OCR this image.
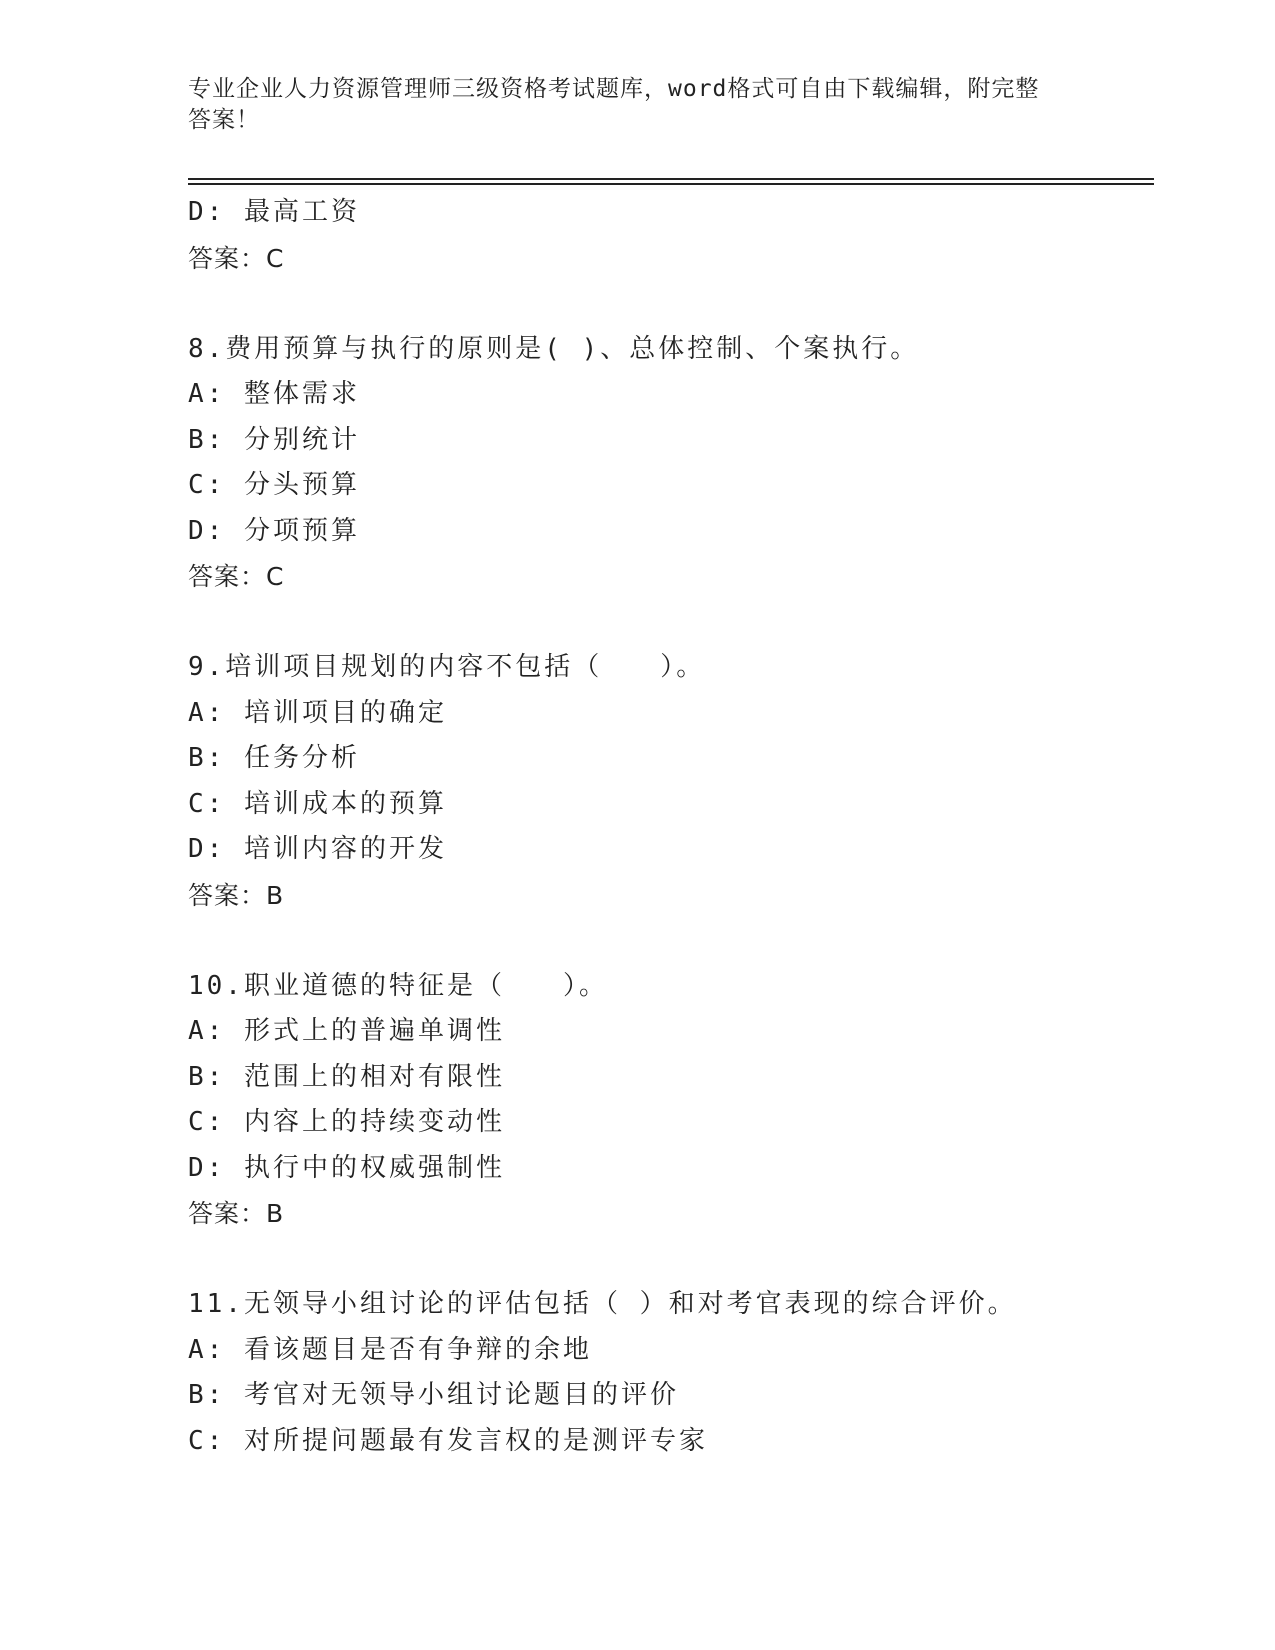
专业企业人力资源管理师三级资格考试题库，word格式可自由下载编辑，附完整
答案！
D: 最高工资
答案：C
8.费用预算与执行的原则是( )、总体控制、个案执行。
A: 整体需求
B: 分别统计
C: 分头预算
D: 分项预算
答案：C
9.培训项目规划的内容不包括（　　）。
A: 培训项目的确定
B: 任务分析
C: 培训成本的预算
D: 培训内容的开发
答案：B
10.职业道德的特征是（　　）。
A: 形式上的普遍单调性
B: 范围上的相对有限性
C: 内容上的持续变动性
D: 执行中的权威强制性
答案：B
11.无领导小组讨论的评估包括（ ）和对考官表现的综合评价。
A: 看该题目是否有争辩的余地
B: 考官对无领导小组讨论题目的评价
C: 对所提问题最有发言权的是测评专家
